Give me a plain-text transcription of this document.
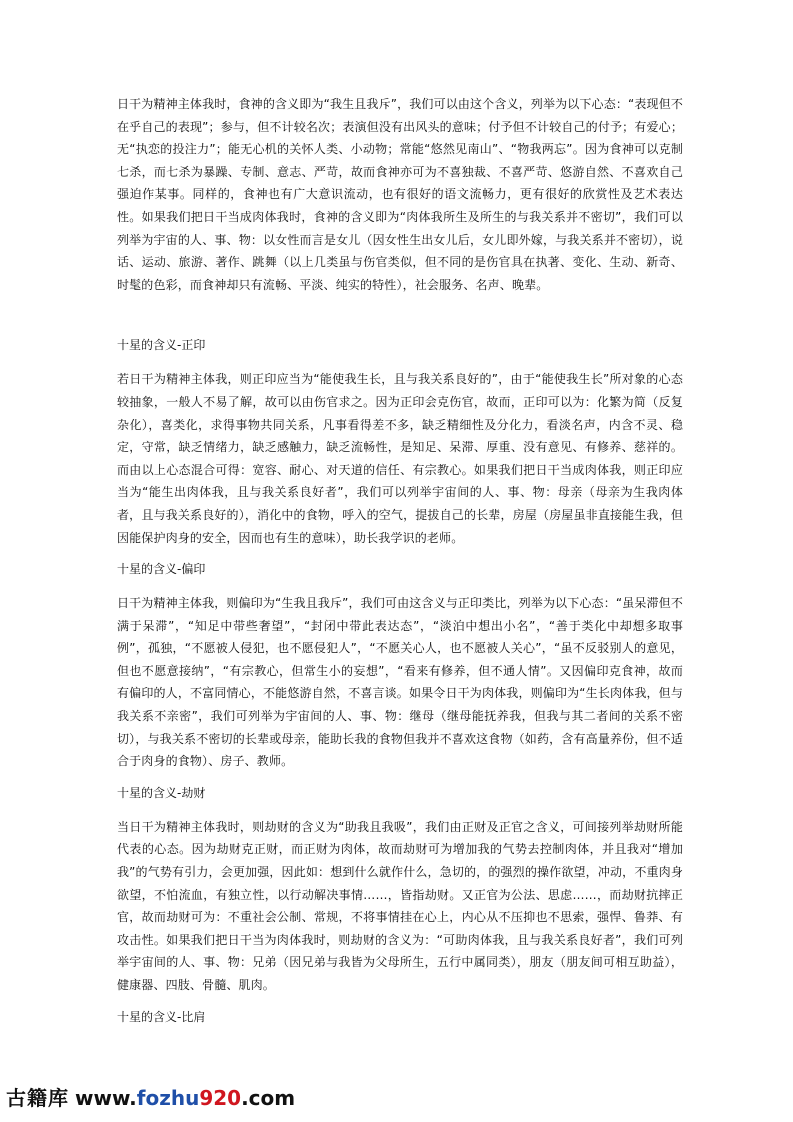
日干为精神主体我时，食神的含义即为“我生且我斥”，我们可以由这个含义，列举为以下心态：“表现但不在乎自己的表现”；参与，但不计较名次；表演但没有出风头的意味；付予但不计较自己的付予；有爱心；无“执恋的投注力”；能无心机的关怀人类、小动物；常能“悠然见南山”、“物我两忘”。因为食神可以克制七杀，而七杀为暴躁、专制、意志、严苛，故而食神亦可为不喜独裁、不喜严苛、悠游自然、不喜欢自己强迫作某事。同样的，食神也有广大意识流动，也有很好的语文流畅力，更有很好的欣赏性及艺术表达性。如果我们把日干当成肉体我时，食神的含义即为“肉体我所生及所生的与我关系并不密切”，我们可以列举为宇宙的人、事、物：以女性而言是女儿（因女性生出女儿后，女儿即外嫁，与我关系并不密切），说话、运动、旅游、著作、跳舞（以上几类虽与伤官类似，但不同的是伤官具在执著、变化、生动、新奇、时髦的色彩，而食神却只有流畅、平淡、纯实的特性），社会服务、名声、晚辈。

十星的含义-正印

若日干为精神主体我，则正印应当为“能使我生长，且与我关系良好的”，由于“能使我生长”所对象的心态较抽象，一般人不易了解，故可以由伤官求之。因为正印会克伤官，故而，正印可以为：化繁为简（反复杂化），喜类化，求得事物共同关系，凡事看得差不多，缺乏精细性及分化力，看淡名声，内含不灵、稳定，守常，缺乏情绪力，缺乏感触力，缺乏流畅性，是知足、呆滞、厚重、没有意见、有修养、慈祥的。而由以上心态混合可得：宽容、耐心、对天道的信任、有宗教心。如果我们把日干当成肉体我，则正印应当为“能生出肉体我，且与我关系良好者”，我们可以列举宇宙间的人、事、物：母亲（母亲为生我肉体者，且与我关系良好的），消化中的食物，呼入的空气，提拔自己的长辈，房屋（房屋虽非直接能生我，但因能保护肉身的安全，因而也有生的意味），助长我学识的老师。

十星的含义-偏印

日干为精神主体我，则偏印为“生我且我斥”，我们可由这含义与正印类比，列举为以下心态：“虽呆滞但不满于呆滞”，“知足中带些奢望”，“封闭中带此表达态”，“淡泊中想出小名”，“善于类化中却想多取事例”，孤独，“不愿被人侵犯，也不愿侵犯人”，“不愿关心人，也不愿被人关心”，“虽不反驳别人的意见，但也不愿意接纳”，“有宗教心，但常生小的妄想”，“看来有修养，但不通人情”。又因偏印克食神，故而有偏印的人，不富同情心，不能悠游自然，不喜言谈。如果令日干为肉体我，则偏印为“生长肉体我，但与我关系不亲密”，我们可列举为宇宙间的人、事、物：继母（继母能抚养我，但我与其二者间的关系不密切），与我关系不密切的长辈或母亲，能助长我的食物但我并不喜欢这食物（如药，含有高量养份，但不适合于肉身的食物）、房子、教师。

十星的含义-劫财

当日干为精神主体我时，则劫财的含义为“助我且我吸”，我们由正财及正官之含义，可间接列举劫财所能代表的心态。因为劫财克正财，而正财为肉体，故而劫财可为增加我的气势去控制肉体，并且我对“增加我”的气势有引力，会更加强，因此如：想到什么就作什么，急切的，的强烈的操作欲望，冲动，不重肉身欲望，不怕流血，有独立性，以行动解决事情……，皆指劫财。又正官为公法、思虑……，而劫财抗摔正官，故而劫财可为：不重社会公制、常规，不将事情挂在心上，内心从不压抑也不思索，强悍、鲁莽、有攻击性。如果我们把日干当为肉体我时，则劫财的含义为：“可助肉体我，且与我关系良好者”，我们可列举宇宙间的人、事、物：兄弟（因兄弟与我皆为父母所生，五行中属同类），朋友（朋友间可相互助益），健康器、四肢、骨髓、肌肉。

十星的含义-比肩

古籍库 www.fozhu920.com
